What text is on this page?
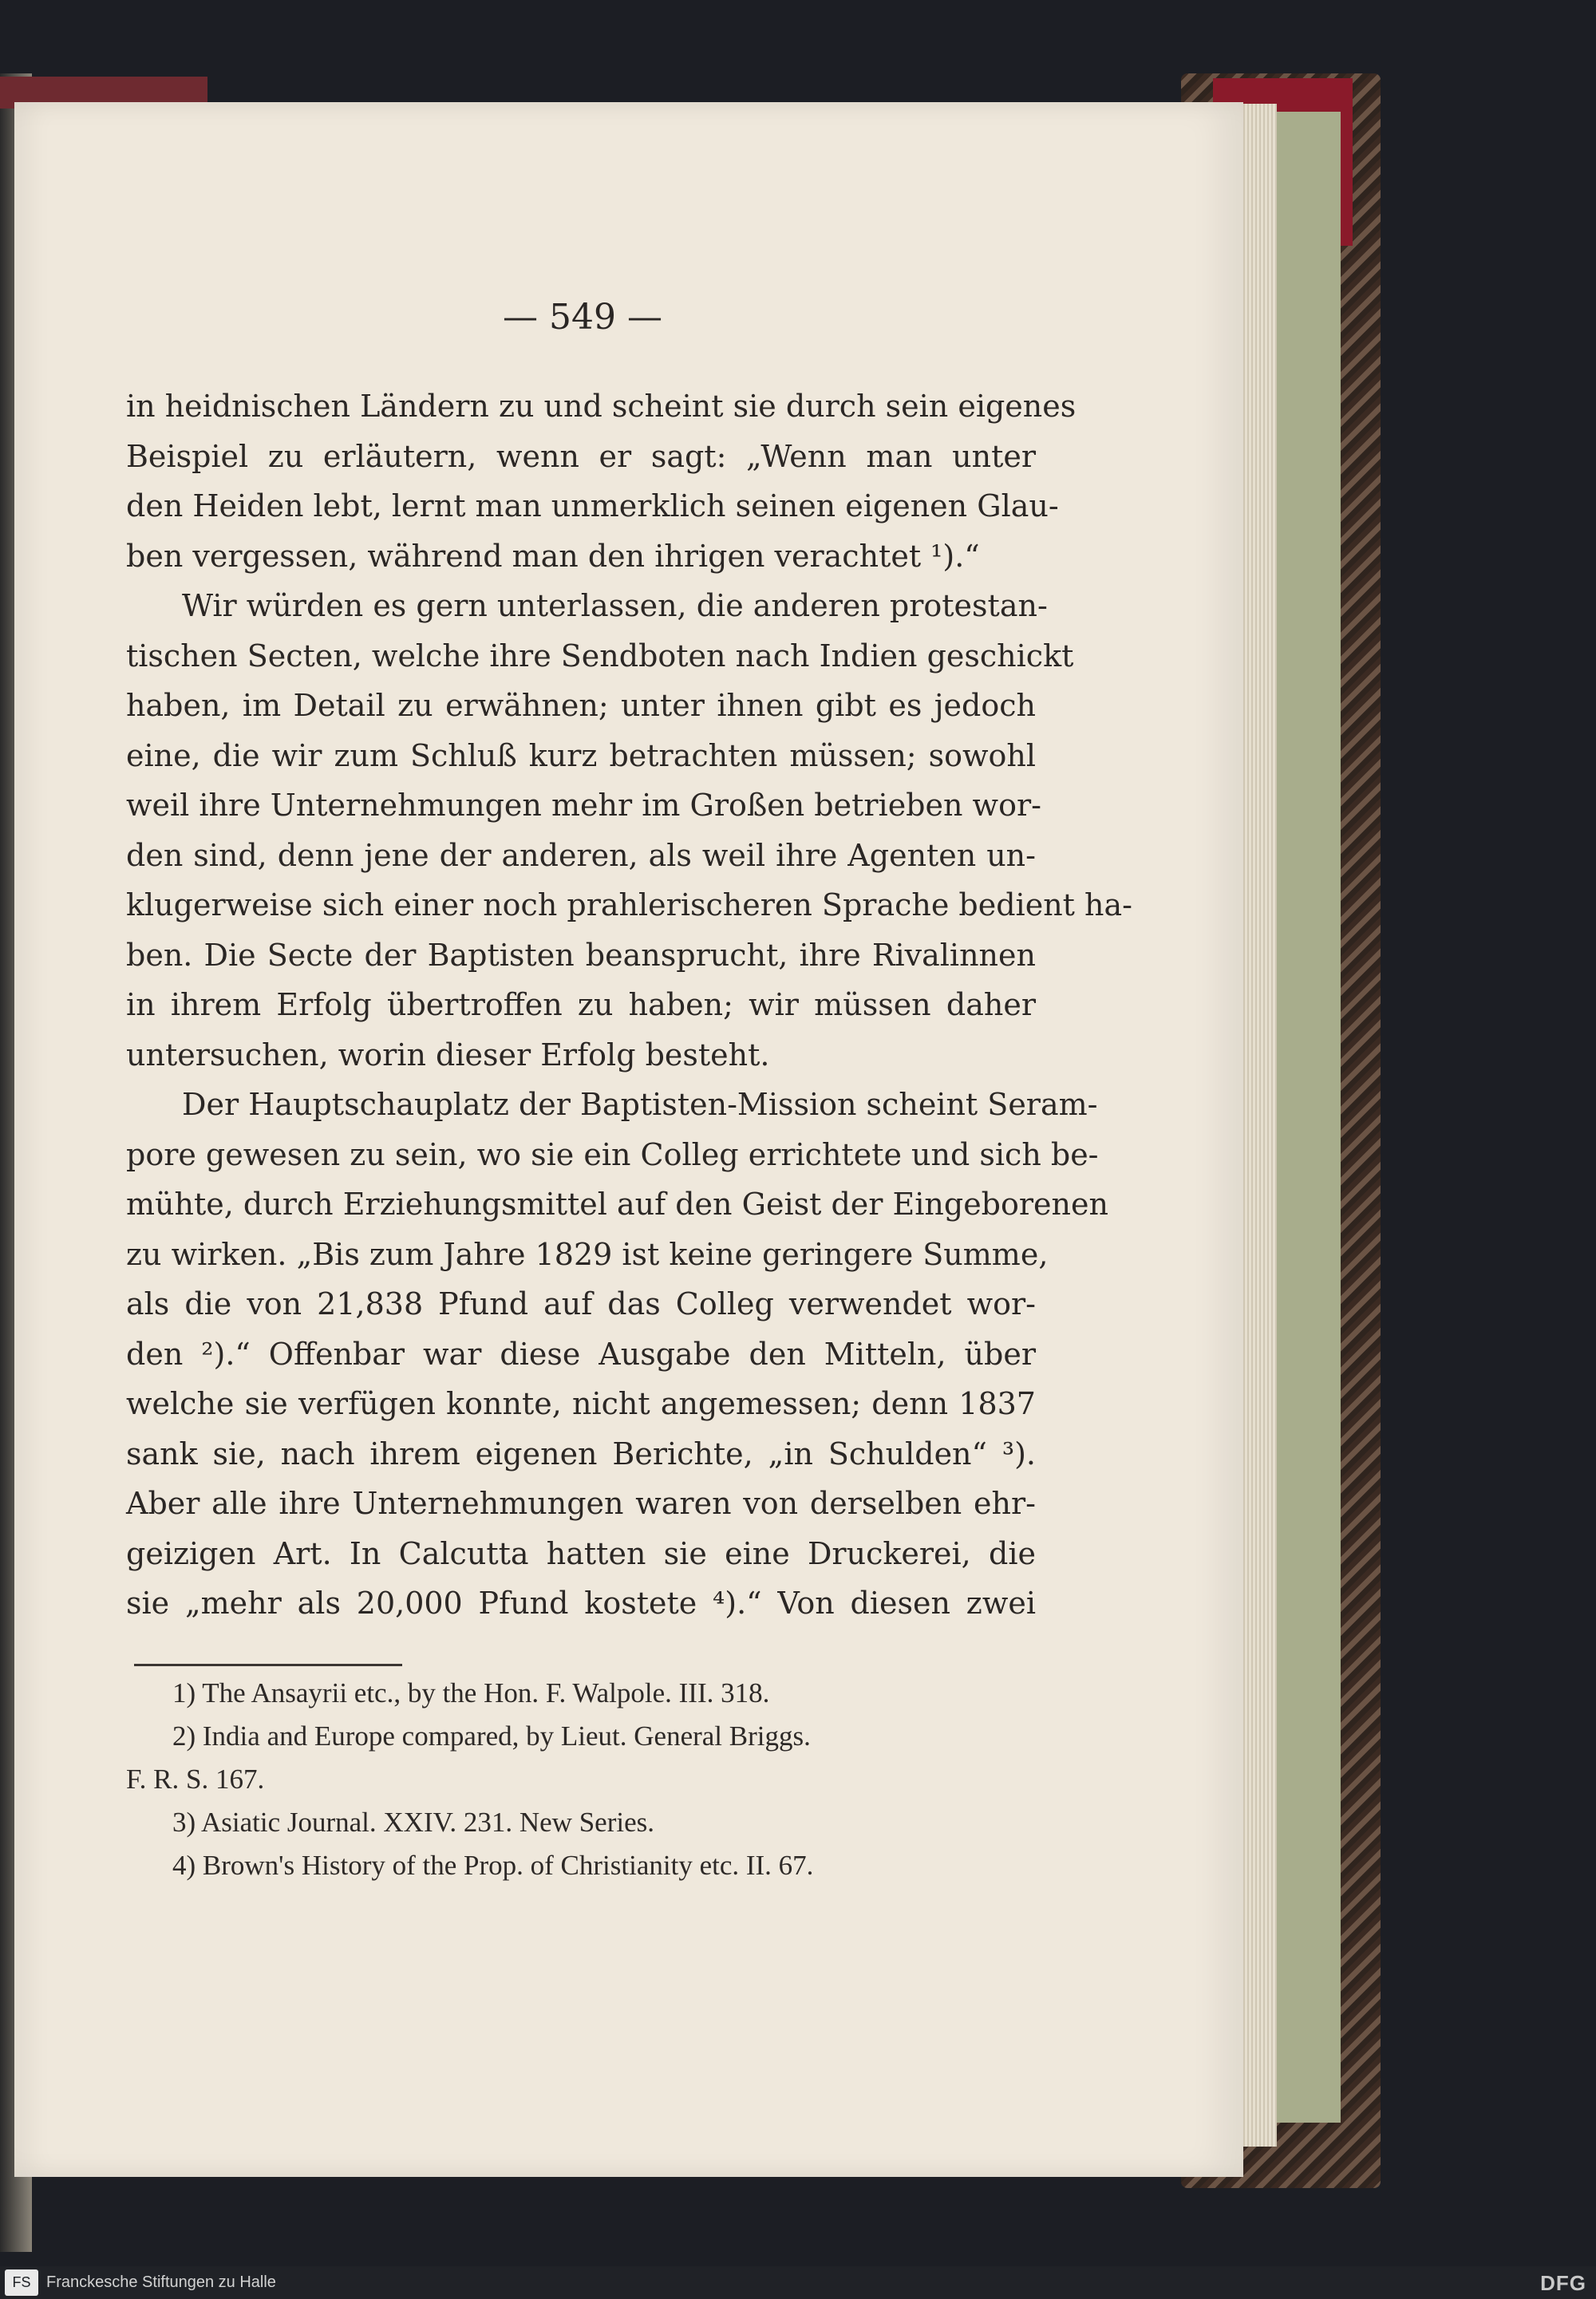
— 549 —
in heidnischen Ländern zu und scheint sie durch sein eigenes
Beispiel zu erläutern, wenn er sagt: „Wenn man unter
den Heiden lebt, lernt man unmerklich seinen eigenen Glau-
ben vergessen, während man den ihrigen verachtet ¹).“
Wir würden es gern unterlassen, die anderen protestan-
tischen Secten, welche ihre Sendboten nach Indien geschickt
haben, im Detail zu erwähnen; unter ihnen gibt es jedoch
eine, die wir zum Schluß kurz betrachten müssen; sowohl
weil ihre Unternehmungen mehr im Großen betrieben wor-
den sind, denn jene der anderen, als weil ihre Agenten un-
klugerweise sich einer noch prahlerischeren Sprache bedient ha-
ben. Die Secte der Baptisten beansprucht, ihre Rivalinnen
in ihrem Erfolg übertroffen zu haben; wir müssen daher
untersuchen, worin dieser Erfolg besteht.
Der Hauptschauplatz der Baptisten-Mission scheint Seram-
pore gewesen zu sein, wo sie ein Colleg errichtete und sich be-
mühte, durch Erziehungsmittel auf den Geist der Eingeborenen
zu wirken. „Bis zum Jahre 1829 ist keine geringere Summe,
als die von 21,838 Pfund auf das Colleg verwendet wor-
den ²).“ Offenbar war diese Ausgabe den Mitteln, über
welche sie verfügen konnte, nicht angemessen; denn 1837
sank sie, nach ihrem eigenen Berichte, „in Schulden“ ³).
Aber alle ihre Unternehmungen waren von derselben ehr-
geizigen Art. In Calcutta hatten sie eine Druckerei, die
sie „mehr als 20,000 Pfund kostete ⁴).“ Von diesen zwei
1) The Ansayrii etc., by the Hon. F. Walpole. III. 318.
2) India and Europe compared, by Lieut. General Briggs.
F. R. S. 167.
3) Asiatic Journal. XXIV. 231. New Series.
4) Brown's History of the Prop. of Christianity etc. II. 67.
FS Franckesche Stiftungen zu Halle	DFG
